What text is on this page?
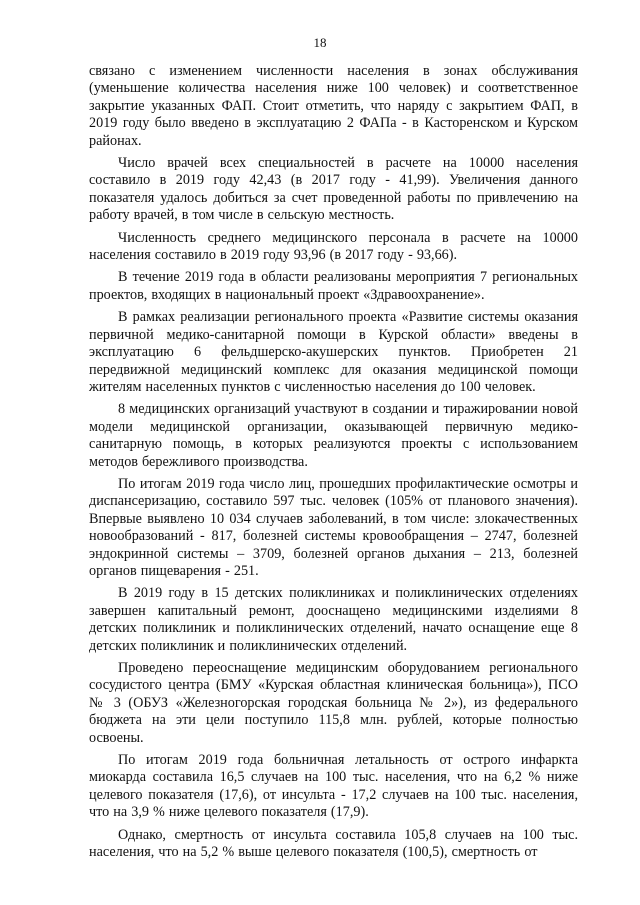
18

связано с изменением численности населения в зонах обслуживания (уменьшение количества населения ниже 100 человек) и соответственное закрытие указанных ФАП. Стоит отметить, что наряду с закрытием ФАП, в 2019 году было введено в эксплуатацию 2 ФАПа - в Касторенском и Курском районах.

Число врачей всех специальностей в расчете на 10000 населения составило в 2019 году 42,43 (в 2017 году - 41,99). Увеличения данного показателя удалось добиться за счет проведенной работы по привлечению на работу врачей, в том числе в сельскую местность.

Численность среднего медицинского персонала в расчете на 10000 населения составило в 2019 году 93,96 (в 2017 году - 93,66).

В течение 2019 года в области реализованы мероприятия 7 региональных проектов, входящих в национальный проект «Здравоохранение».

В рамках реализации регионального проекта «Развитие системы оказания первичной медико-санитарной помощи в Курской области» введены в эксплуатацию 6 фельдшерско-акушерских пунктов. Приобретен 21 передвижной медицинский комплекс для оказания медицинской помощи жителям населенных пунктов с численностью населения до 100 человек.

8 медицинских организаций участвуют в создании и тиражировании новой модели медицинской организации, оказывающей первичную медико-санитарную помощь, в которых реализуются проекты с использованием методов бережливого производства.

По итогам 2019 года число лиц, прошедших профилактические осмотры и диспансеризацию, составило 597 тыс. человек (105% от планового значения). Впервые выявлено 10 034 случаев заболеваний, в том числе: злокачественных новообразований - 817, болезней системы кровообращения – 2747, болезней эндокринной системы – 3709, болезней органов дыхания – 213, болезней органов пищеварения - 251.

В 2019 году в 15 детских поликлиниках и поликлинических отделениях завершен капитальный ремонт, дооснащено медицинскими изделиями 8 детских поликлиник и поликлинических отделений, начато оснащение еще 8 детских поликлиник и поликлинических отделений.

Проведено переоснащение медицинским оборудованием регионального сосудистого центра (БМУ «Курская областная клиническая больница»), ПСО № 3 (ОБУЗ «Железногорская городская больница № 2»), из федерального бюджета на эти цели поступило 115,8 млн. рублей, которые полностью освоены.

По итогам 2019 года больничная летальность от острого инфаркта миокарда составила 16,5 случаев на 100 тыс. населения, что на 6,2 % ниже целевого показателя (17,6), от инсульта - 17,2 случаев на 100 тыс. населения, что на 3,9 % ниже целевого показателя (17,9).

Однако, смертность от инсульта составила 105,8 случаев на 100 тыс. населения, что на 5,2 % выше целевого показателя (100,5), смертность от
